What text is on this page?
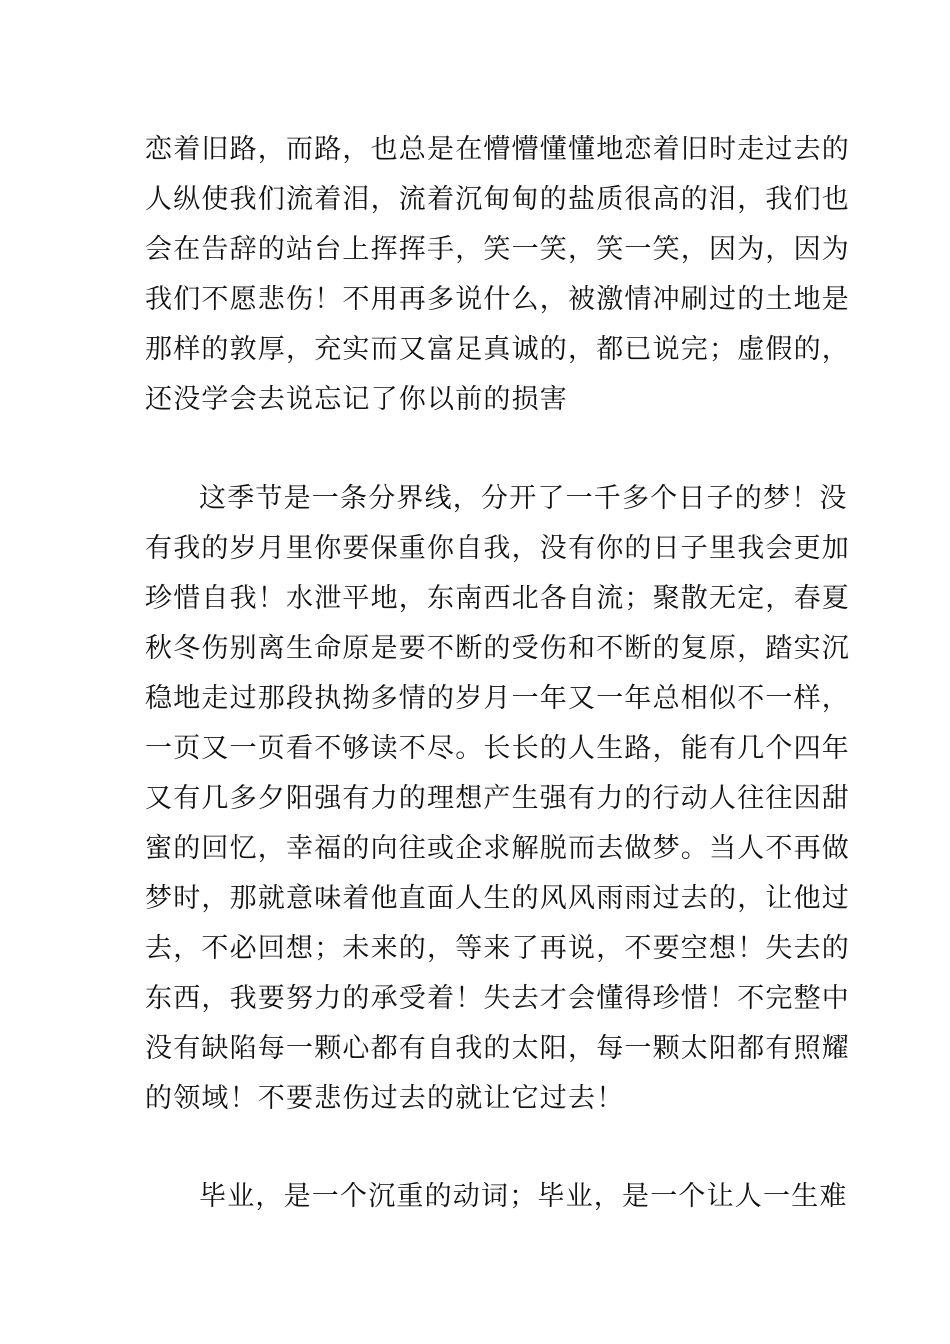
恋着旧路，而路，也总是在懵懵懂懂地恋着旧时走过去的
人纵使我们流着泪，流着沉甸甸的盐质很高的泪，我们也
会在告辞的站台上挥挥手，笑一笑，笑一笑，因为，因为
我们不愿悲伤！不用再多说什么，被激情冲刷过的土地是
那样的敦厚，充实而又富足真诚的，都已说完；虚假的，
还没学会去说忘记了你以前的损害
这季节是一条分界线，分开了一千多个日子的梦！没
有我的岁月里你要保重你自我，没有你的日子里我会更加
珍惜自我！水泄平地，东南西北各自流；聚散无定，春夏
秋冬伤别离生命原是要不断的受伤和不断的复原，踏实沉
稳地走过那段执拗多情的岁月一年又一年总相似不一样，
一页又一页看不够读不尽。长长的人生路，能有几个四年
又有几多夕阳强有力的理想产生强有力的行动人往往因甜
蜜的回忆，幸福的向往或企求解脱而去做梦。当人不再做
梦时，那就意味着他直面人生的风风雨雨过去的，让他过
去，不必回想；未来的，等来了再说，不要空想！失去的
东西，我要努力的承受着！失去才会懂得珍惜！不完整中
没有缺陷每一颗心都有自我的太阳，每一颗太阳都有照耀
的领域！不要悲伤过去的就让它过去！
毕业，是一个沉重的动词；毕业，是一个让人一生难
